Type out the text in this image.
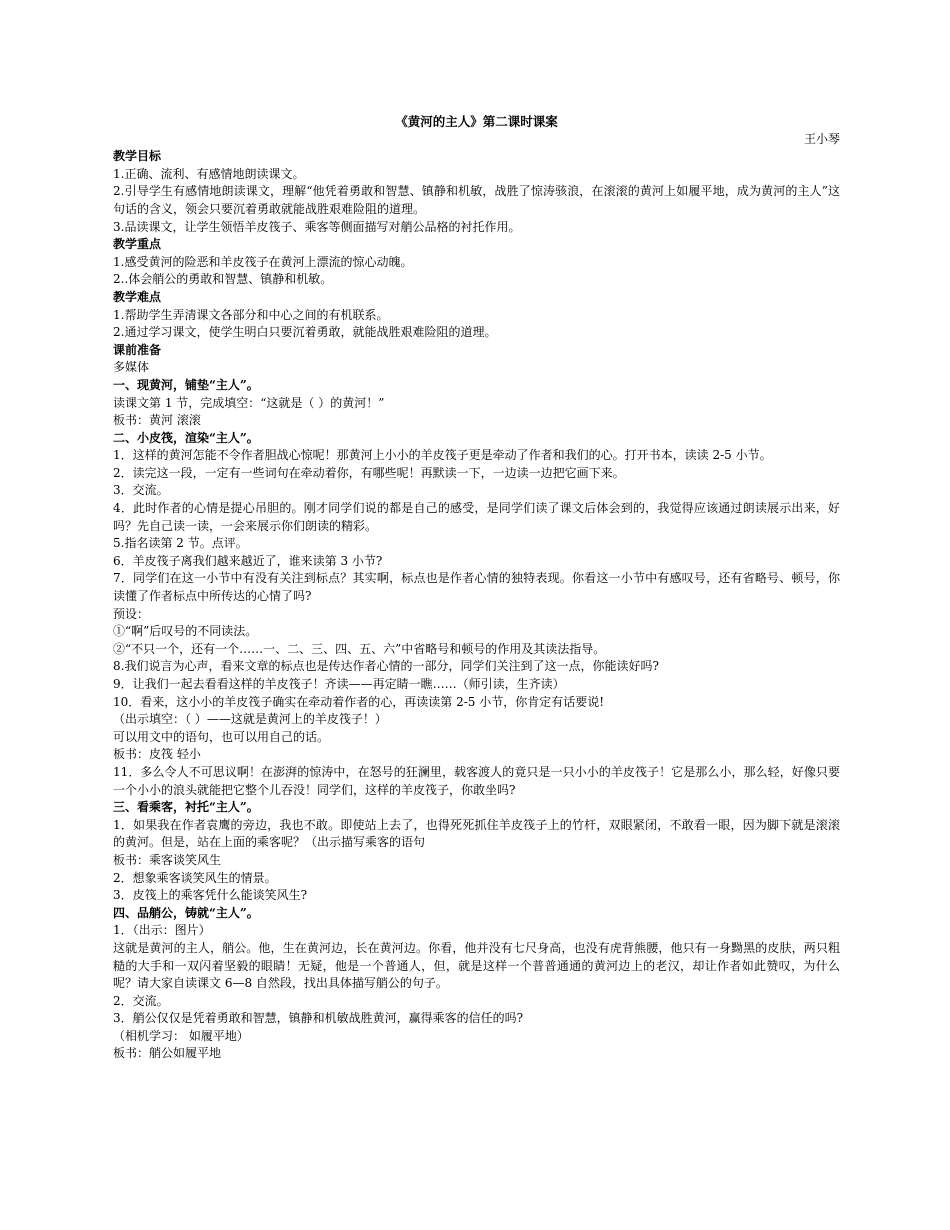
《黄河的主人》第二课时课案

王小琴

教学目标

1.正确、流利、有感情地朗读课文。

2.引导学生有感情地朗读课文，理解“他凭着勇敢和智慧、镇静和机敏，战胜了惊涛骇浪，在滚滚的黄河上如履平地，成为黄河的主人”这句话的含义，领会只要沉着勇敢就能战胜艰难险阻的道理。

3.品读课文，让学生领悟羊皮筏子、乘客等侧面描写对艄公品格的衬托作用。

教学重点

1.感受黄河的险恶和羊皮筏子在黄河上漂流的惊心动魄。

2..体会艄公的勇敢和智慧、镇静和机敏。

教学难点

1.帮助学生弄清课文各部分和中心之间的有机联系。

2.通过学习课文，使学生明白只要沉着勇敢，就能战胜艰难险阻的道理。

课前准备

多媒体

一、现黄河，铺垫“主人”。

读课文第 1 节，完成填空：“这就是（ ）的黄河！”

板书：黄河 滚滚

二、小皮筏，渲染“主人”。

1．这样的黄河怎能不令作者胆战心惊呢！那黄河上小小的羊皮筏子更是牵动了作者和我们的心。打开书本，读读 2-5 小节。

2．读完这一段，一定有一些词句在牵动着你，有哪些呢！再默读一下，一边读一边把它画下来。

3．交流。

4．此时作者的心情是提心吊胆的。刚才同学们说的都是自己的感受，是同学们读了课文后体会到的，我觉得应该通过朗读展示出来，好吗？先自己读一读，一会来展示你们朗读的精彩。

5.指名读第 2 节。点评。

6．羊皮筏子离我们越来越近了，谁来读第 3 小节?

7．同学们在这一小节中有没有关注到标点？其实啊，标点也是作者心情的独特表现。你看这一小节中有感叹号，还有省略号、顿号，你读懂了作者标点中所传达的心情了吗?

预设：

①“啊”后叹号的不同读法。

②“不只一个，还有一个……一、二、三、四、五、六”中省略号和顿号的作用及其读法指导。

8.我们说言为心声，看来文章的标点也是传达作者心情的一部分，同学们关注到了这一点，你能读好吗?

9．让我们一起去看看这样的羊皮筏子！齐读——再定睛一瞧……（师引读，生齐读）

10．看来，这小小的羊皮筏子确实在牵动着作者的心，再读读第 2-5 小节，你肯定有话要说!

（出示填空：（ ）——这就是黄河上的羊皮筏子！）

可以用文中的语句，也可以用自己的话。

板书：皮筏 轻小

11．多么令人不可思议啊！在澎湃的惊涛中，在怒号的狂澜里，载客渡人的竟只是一只小小的羊皮筏子！它是那么小，那么轻，好像只要一个小小的浪头就能把它整个儿吞没！同学们，这样的羊皮筏子，你敢坐吗?

三、看乘客，衬托“主人”。

1．如果我在作者袁鹰的旁边，我也不敢。即使站上去了，也得死死抓住羊皮筏子上的竹杆，双眼紧闭，不敢看一眼，因为脚下就是滚滚的黄河。但是，站在上面的乘客呢？（出示描写乘客的语句

板书：乘客谈笑风生

2．想象乘客谈笑风生的情景。

3．皮筏上的乘客凭什么能谈笑风生?

四、品艄公，铸就“主人”。

1．（出示：图片）

这就是黄河的主人，艄公。他，生在黄河边，长在黄河边。你看，他并没有七尺身高，也没有虎背熊腰，他只有一身黝黑的皮肤，两只粗糙的大手和一双闪着坚毅的眼睛！无疑，他是一个普通人，但，就是这样一个普普通通的黄河边上的老汉，却让作者如此赞叹，为什么呢？请大家自读课文 6—8 自然段，找出具体描写艄公的句子。

2．交流。

3．艄公仅仅是凭着勇敢和智慧，镇静和机敏战胜黄河，赢得乘客的信任的吗?

（相机学习： 如履平地）

板书：艄公如履平地
